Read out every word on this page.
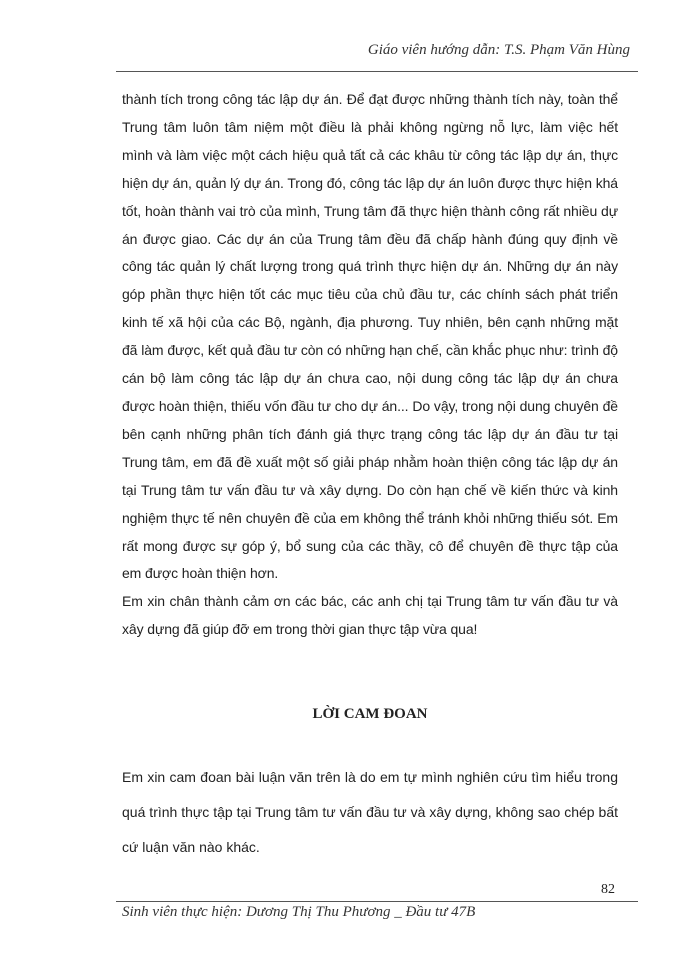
Giáo viên hướng dẫn: T.S. Phạm Văn Hùng

thành tích trong công tác lập dự án. Để đạt được những thành tích này, toàn thể Trung tâm luôn tâm niệm một điều là phải không ngừng nỗ lực, làm việc hết mình và làm việc một cách hiệu quả tất cả các khâu từ công tác lập dự án, thực hiện dự án, quản lý dự án. Trong đó, công tác lập dự án luôn được thực hiện khá tốt, hoàn thành vai trò của mình, Trung tâm đã thực hiện thành công rất nhiều dự án được giao. Các dự án của Trung tâm đều đã chấp hành đúng quy định về công tác quản lý chất lượng trong quá trình thực hiện dự án. Những dự án này góp phần thực hiện tốt các mục tiêu của chủ đầu tư, các chính sách phát triển kinh tế xã hội của các Bộ, ngành, địa phương. Tuy nhiên, bên cạnh những mặt đã làm được, kết quả đầu tư còn có những hạn chế, cần khắc phục như: trình độ cán bộ làm công tác lập dự án chưa cao, nội dung công tác lập dự án chưa được hoàn thiện, thiếu vốn đầu tư cho dự án... Do vậy, trong nội dung chuyên đề bên cạnh những phân tích đánh giá thực trạng công tác lập dự án đầu tư tại Trung tâm, em đã đề xuất một số giải pháp nhằm hoàn thiện công tác lập dự án tại Trung tâm tư vấn đầu tư và xây dựng. Do còn hạn chế về kiến thức và kinh nghiệm thực tế nên chuyên đề của em không thể tránh khỏi những thiếu sót. Em rất mong được sự góp ý, bổ sung của các thầy, cô để chuyên đề thực tập của em được hoàn thiện hơn.

Em xin chân thành cảm ơn các bác, các anh chị tại Trung tâm tư vấn đầu tư và xây dựng đã giúp đỡ em trong thời gian thực tập vừa qua!

LỜI CAM ĐOAN

Em xin cam đoan bài luận văn trên là do em tự mình nghiên cứu tìm hiểu trong quá trình thực tập tại Trung tâm tư vấn đầu tư và xây dựng, không sao chép bất cứ luận văn nào khác.

82
Sinh viên thực hiện: Dương Thị Thu Phương _ Đầu tư 47B
